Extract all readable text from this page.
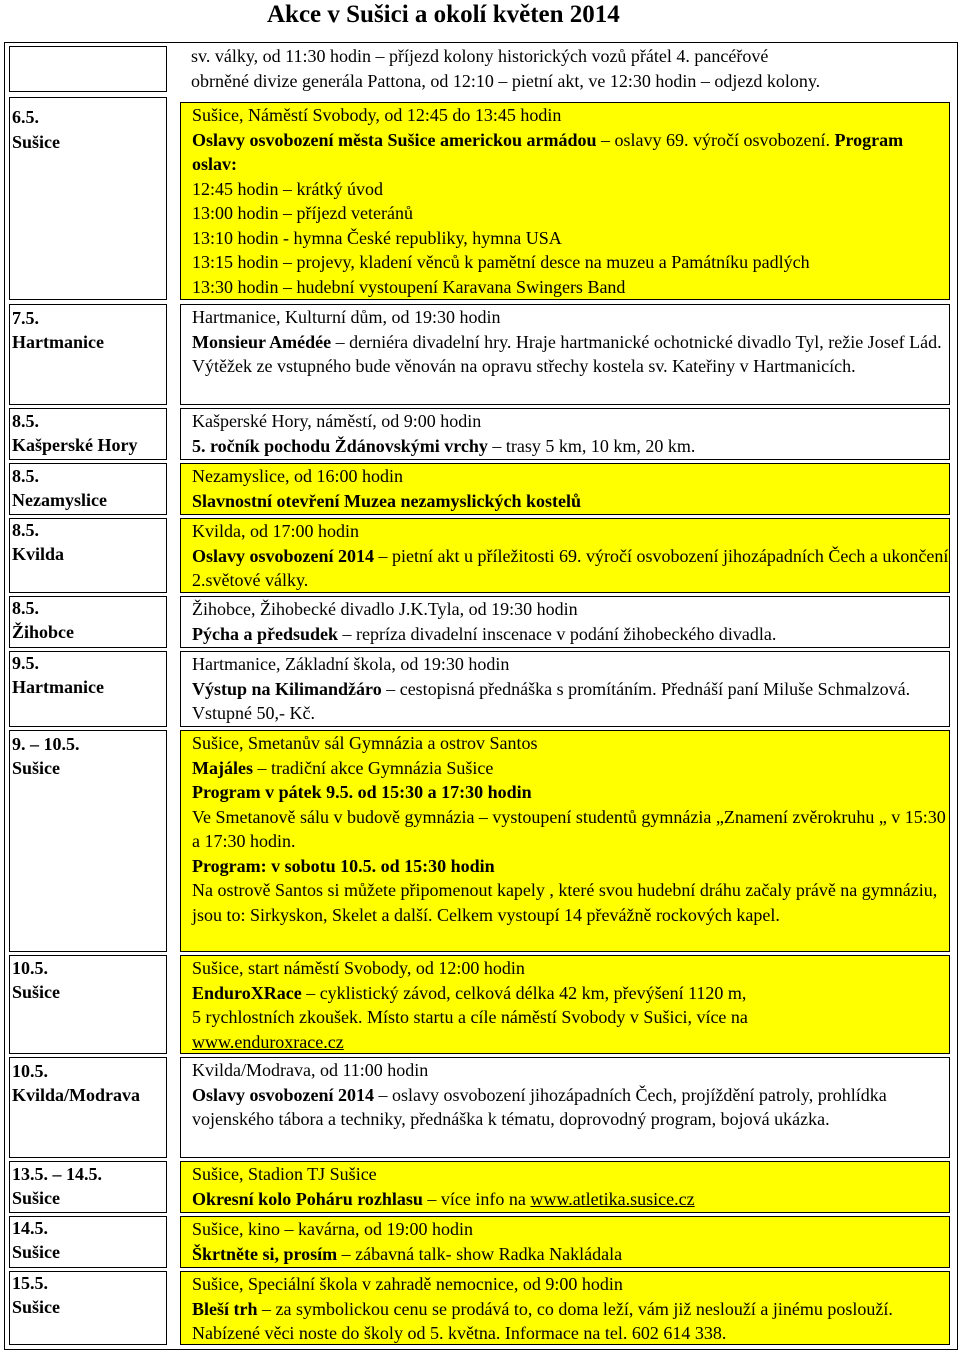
Akce v Sušici a okolí květen 2014
sv. války, od 11:30 hodin – příjezd kolony historických vozů přátel 4. pancéřové obrněné divize generála Pattona, od 12:10 – pietní akt, ve 12:30 hodin – odjezd kolony.
6.5.
Sušice
Sušice, Náměstí Svobody, od 12:45 do 13:45 hodin
Oslavy osvobození města Sušice americkou armádou – oslavy 69. výročí osvobození. Program oslav:
12:45 hodin – krátký úvod
13:00 hodin – příjezd veteránů
13:10 hodin - hymna České republiky, hymna USA
13:15 hodin – projevy, kladení věnců k pamětní desce na muzeu a Památníku padlých
13:30 hodin – hudební vystoupení Karavana Swingers Band
7.5.
Hartmanice
Hartmanice, Kulturní dům, od 19:30 hodin
Monsieur Amédée – derniéra divadelní hry. Hraje hartmanické ochotnické divadlo Tyl, režie Josef Lád. Výtěžek ze vstupného bude věnován na opravu střechy kostela sv. Kateřiny v Hartmanicích.
8.5.
Kašperské Hory
Kašperské Hory, náměstí, od 9:00 hodin
5. ročník pochodu Ždánovskými vrchy – trasy 5 km, 10 km, 20 km.
8.5.
Nezamyslice
Nezamyslice, od 16:00 hodin
Slavnostní otevření Muzea nezamyslických kostelů
8.5.
Kvilda
Kvilda, od 17:00 hodin
Oslavy osvobození 2014 – pietní akt u příležitosti 69. výročí osvobození jihozápadních Čech a ukončení 2.světové války.
8.5.
Žihobce
Žihobce, Žihobecké divadlo J.K.Tyla, od 19:30 hodin
Pýcha a předsudek – repríza divadelní inscenace v podání žihobeckého divadla.
9.5.
Hartmanice
Hartmanice, Základní škola, od 19:30 hodin
Výstup na Kilimandžáro – cestopisná přednáška s promítáním. Přednáší paní Miluše Schmalzová. Vstupné 50,- Kč.
9. – 10.5.
Sušice
Sušice, Smetanův sál Gymnázia a ostrov Santos
Majáles – tradiční akce Gymnázia Sušice
Program v pátek 9.5. od 15:30 a 17:30 hodin
Ve Smetanově sálu v budově gymnázia – vystoupení studentů gymnázia „Znamení zvěrokruhu „ v 15:30 a 17:30 hodin.
Program: v sobotu 10.5. od 15:30 hodin
Na ostrově Santos si můžete připomenout kapely , které svou hudební dráhu začaly právě na gymnáziu, jsou to: Sirkyskon, Skelet a další. Celkem vystoupí 14 převážně rockových kapel.
10.5.
Sušice
Sušice, start náměstí Svobody, od 12:00 hodin
EnduroXRace – cyklistický závod, celková délka 42 km, převýšení 1120 m,
5 rychlostních zkoušek. Místo startu a cíle náměstí Svobody v Sušici, více na
www.enduroxrace.cz
10.5.
Kvilda/Modrava
Kvilda/Modrava, od 11:00 hodin
Oslavy osvobození 2014 – oslavy osvobození jihozápadních Čech, projíždění patroly, prohlídka vojenského tábora a techniky, přednáška k tématu, doprovodný program, bojová ukázka.
13.5. – 14.5.
Sušice
Sušice, Stadion TJ Sušice
Okresní kolo Poháru rozhlasu – více info na www.atletika.susice.cz
14.5.
Sušice
Sušice, kino – kavárna, od 19:00 hodin
Škrtněte si, prosím – zábavná talk- show Radka Nakládala
15.5.
Sušice
Sušice, Speciální škola v zahradě nemocnice, od 9:00 hodin
Bleší trh – za symbolickou cenu se prodává to, co doma leží, vám již neslouží a jinému poslouží. Nabízené věci noste do školy od 5. května. Informace na tel. 602 614 338.
